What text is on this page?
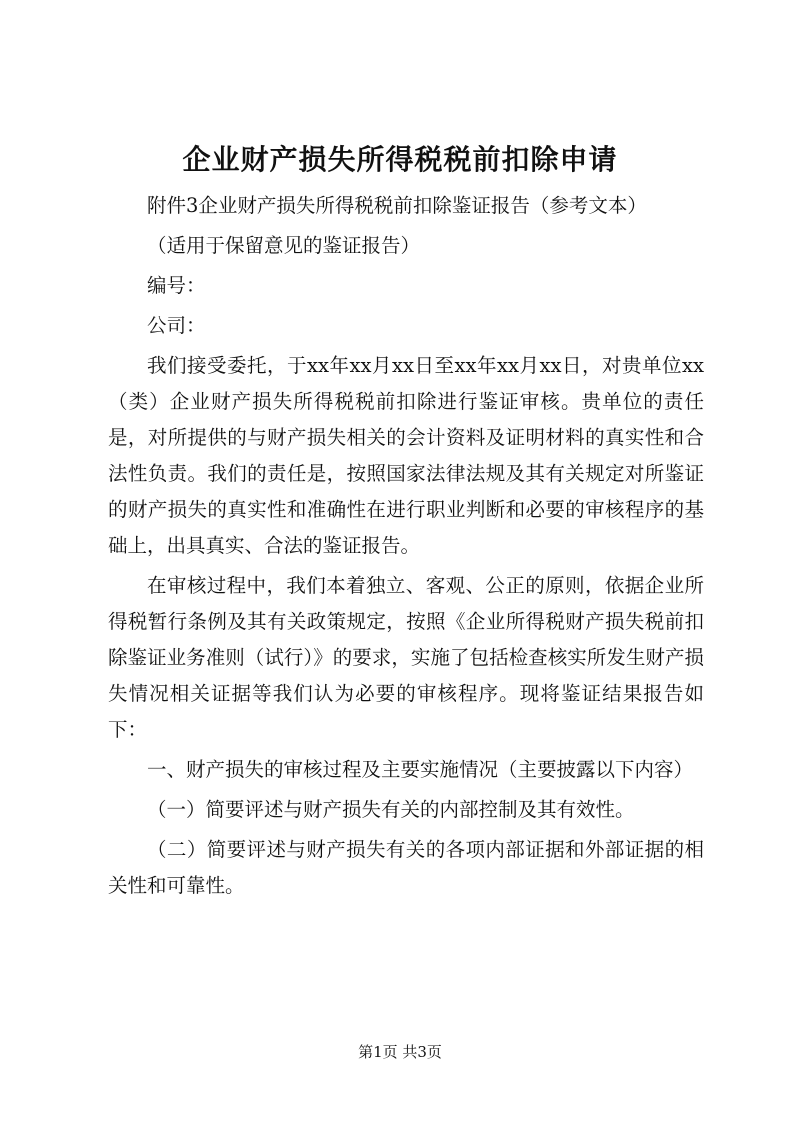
企业财产损失所得税税前扣除申请

附件3企业财产损失所得税税前扣除鉴证报告（参考文本）

（适用于保留意见的鉴证报告）

编号：

公司：

我们接受委托，于xx年xx月xx日至xx年xx月xx日，对贵单位xx（类）企业财产损失所得税税前扣除进行鉴证审核。贵单位的责任是，对所提供的与财产损失相关的会计资料及证明材料的真实性和合法性负责。我们的责任是，按照国家法律法规及其有关规定对所鉴证的财产损失的真实性和准确性在进行职业判断和必要的审核程序的基础上，出具真实、合法的鉴证报告。

在审核过程中，我们本着独立、客观、公正的原则，依据企业所得税暂行条例及其有关政策规定，按照《企业所得税财产损失税前扣除鉴证业务准则（试行）》的要求，实施了包括检查核实所发生财产损失情况相关证据等我们认为必要的审核程序。现将鉴证结果报告如下：

一、财产损失的审核过程及主要实施情况（主要披露以下内容）

（一）简要评述与财产损失有关的内部控制及其有效性。

（二）简要评述与财产损失有关的各项内部证据和外部证据的相关性和可靠性。

第1页 共3页
